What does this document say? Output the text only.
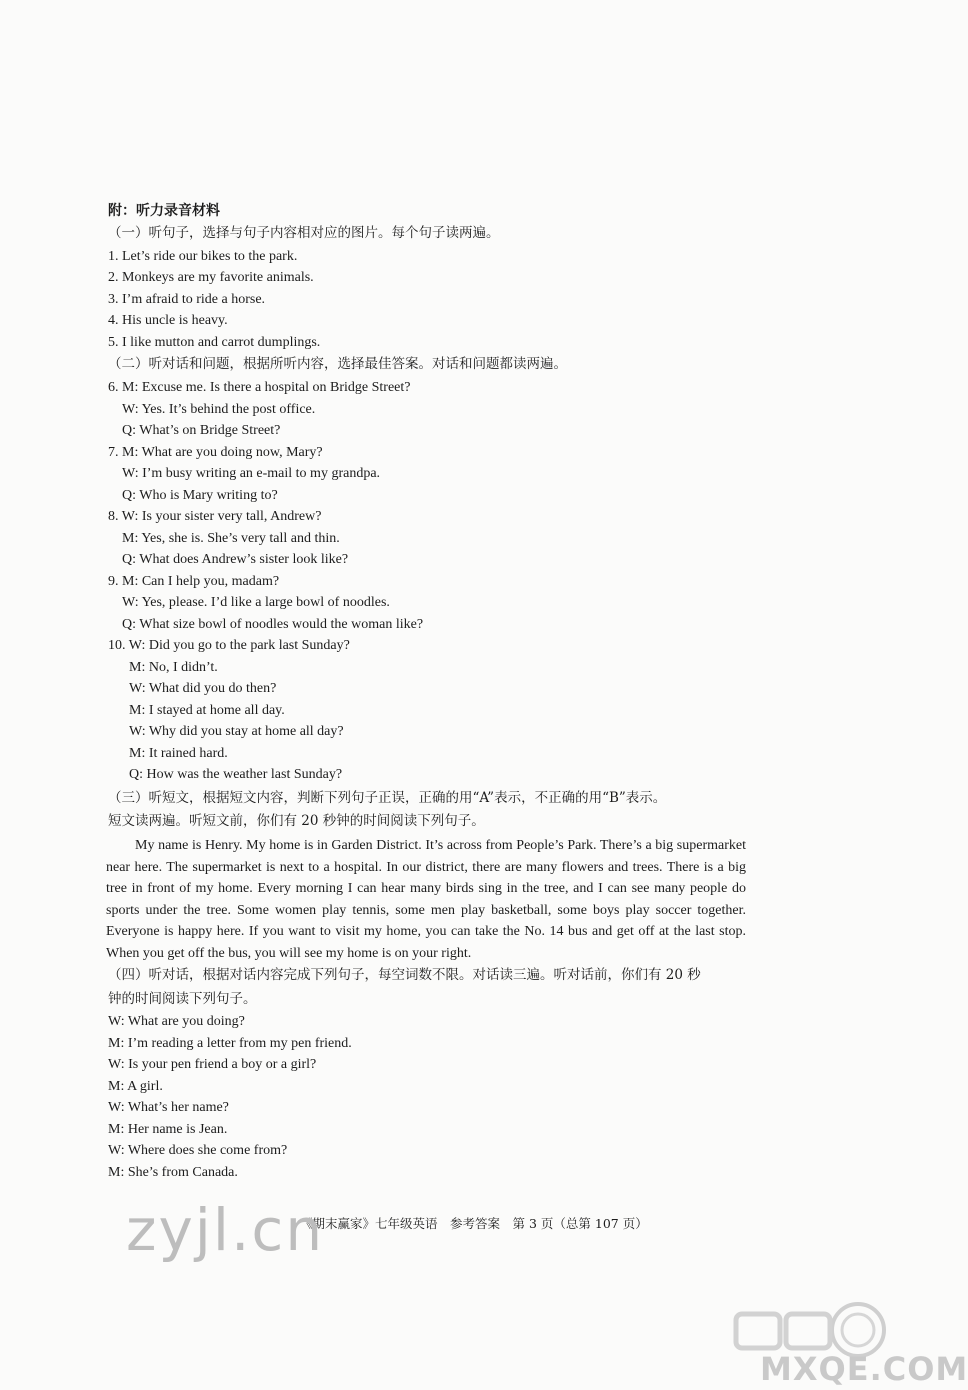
附：听力录音材料
（一）听句子，选择与句子内容相对应的图片。每个句子读两遍。
1. Let’s ride our bikes to the park.
2. Monkeys are my favorite animals.
3. I’m afraid to ride a horse.
4. His uncle is heavy.
5. I like mutton and carrot dumplings.
（二）听对话和问题，根据所听内容，选择最佳答案。对话和问题都读两遍。
6. M: Excuse me. Is there a hospital on Bridge Street?
W: Yes. It’s behind the post office.
Q: What’s on Bridge Street?
7. M: What are you doing now, Mary?
W: I’m busy writing an e-mail to my grandpa.
Q: Who is Mary writing to?
8. W: Is your sister very tall, Andrew?
M: Yes, she is. She’s very tall and thin.
Q: What does Andrew’s sister look like?
9. M: Can I help you, madam?
W: Yes, please. I’d like a large bowl of noodles.
Q: What size bowl of noodles would the woman like?
10. W: Did you go to the park last Sunday?
M: No, I didn’t.
W: What did you do then?
M: I stayed at home all day.
W: Why did you stay at home all day?
M: It rained hard.
Q: How was the weather last Sunday?
（三）听短文，根据短文内容，判断下列句子正误，正确的用“A”表示，不正确的用“B”表示。
短文读两遍。听短文前，你们有 20 秒钟的时间阅读下列句子。
My name is Henry. My home is in Garden District. It’s across from People’s Park. There’s a big supermarket near here. The supermarket is next to a hospital. In our district, there are many flowers and trees. There is a big tree in front of my home. Every morning I can hear many birds sing in the tree, and I can see many people do sports under the tree. Some women play tennis, some men play basketball, some boys play soccer together. Everyone is happy here. If you want to visit my home, you can take the No. 14 bus and get off at the last stop. When you get off the bus, you will see my home is on your right.
（四）听对话，根据对话内容完成下列句子，每空词数不限。对话读三遍。听对话前，你们有 20 秒
钟的时间阅读下列句子。
W: What are you doing?
M: I’m reading a letter from my pen friend.
W: Is your pen friend a boy or a girl?
M: A girl.
W: What’s her name?
M: Her name is Jean.
W: Where does she come from?
M: She’s from Canada.
《期末赢家》七年级英语　参考答案　第 3 页（总第 107 页）
zyjl.cn
MXQE.COM
